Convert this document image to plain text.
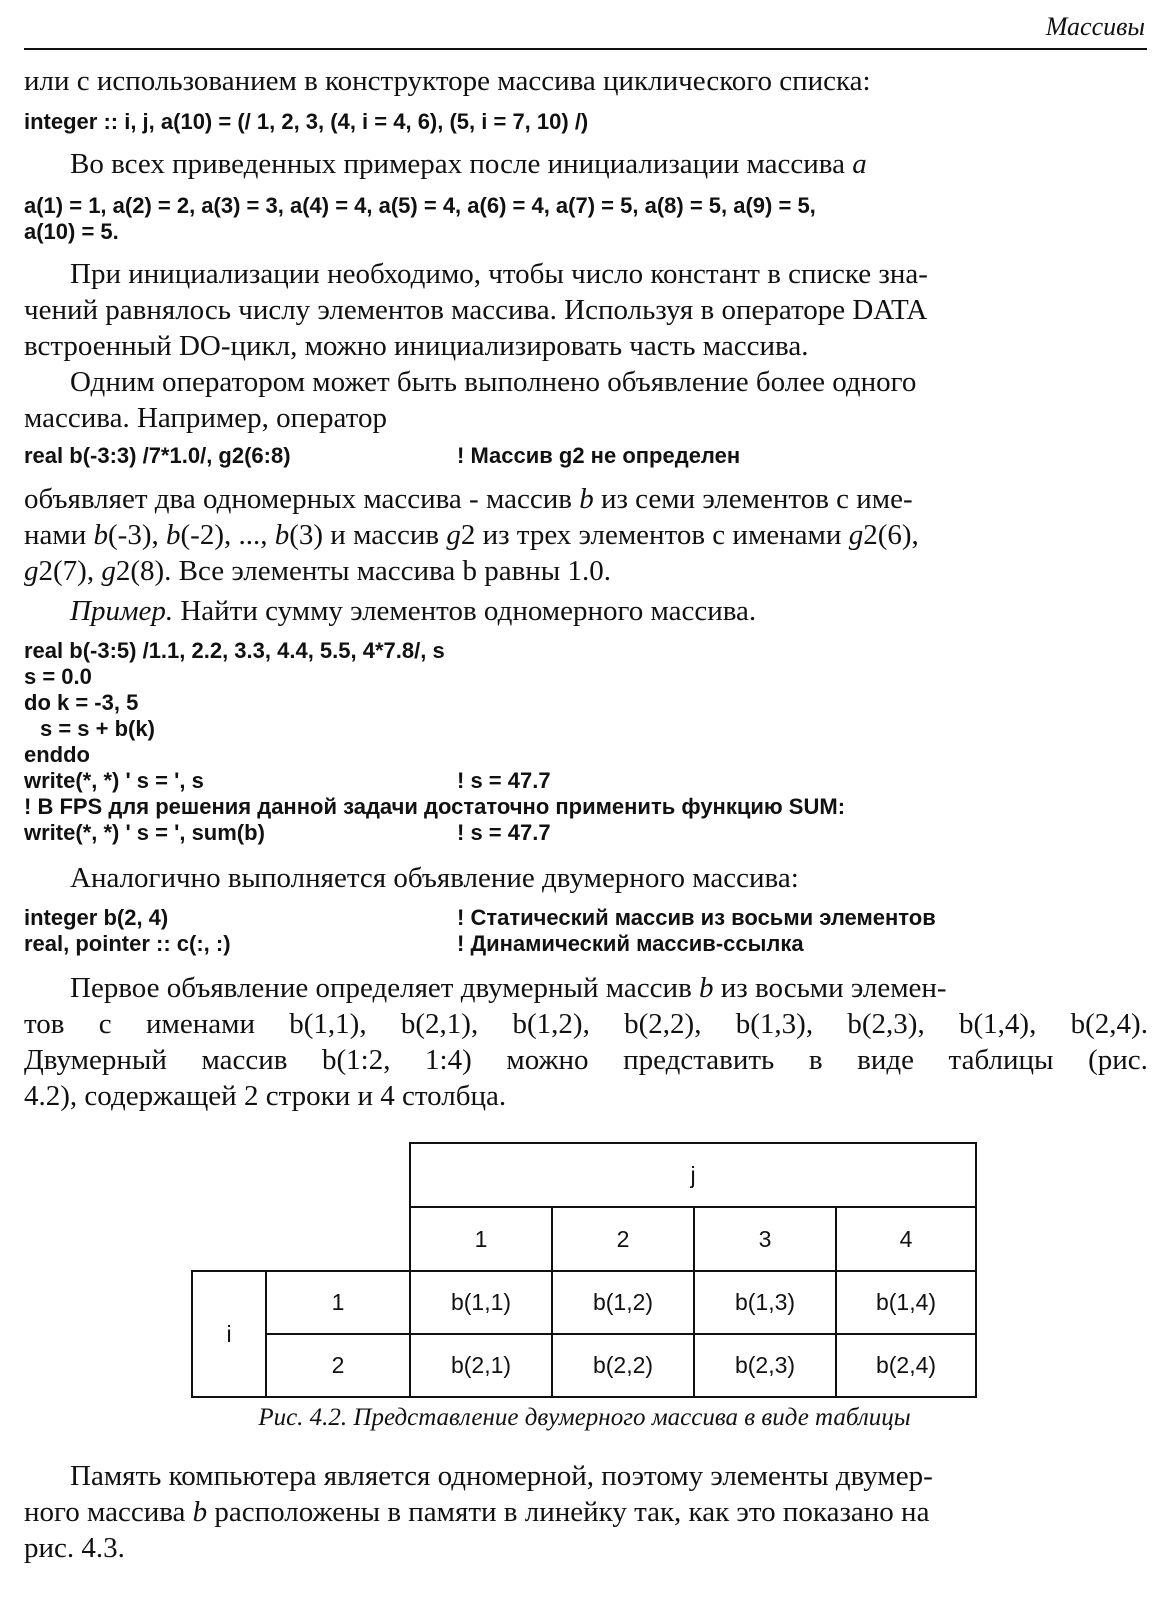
Массивы
или с использованием в конструкторе массива циклического списка:
integer :: i, j, a(10) = (/ 1, 2, 3, (4, i = 4, 6), (5, i = 7, 10) /)
Во всех приведенных примерах после инициализации массива a
a(1) = 1, a(2) = 2, a(3) = 3, a(4) = 4, a(5) = 4, a(6) = 4, a(7) = 5, a(8) = 5, a(9) = 5,
a(10) = 5.
При инициализации необходимо, чтобы число констант в списке зна-
чений равнялось числу элементов массива. Используя в операторе DATA
встроенный DO-цикл, можно инициализировать часть массива.
Одним оператором может быть выполнено объявление более одного
массива. Например, оператор
real b(-3:3) /7*1.0/, g2(6:8)	! Массив g2 не определен
объявляет два одномерных массива - массив b из семи элементов с име-
нами b(-3), b(-2), ..., b(3) и массив g2 из трех элементов с именами g2(6),
g2(7), g2(8). Все элементы массива b равны 1.0.
Пример. Найти сумму элементов одномерного массива.
real b(-3:5) /1.1, 2.2, 3.3, 4.4, 5.5, 4*7.8/, s
s = 0.0
do k = -3, 5
s = s + b(k)
enddo
write(*, *) ' s = ', s	! s = 47.7
! В FPS для решения данной задачи достаточно применить функцию SUM:
write(*, *) ' s = ', sum(b)	! s = 47.7
Аналогично выполняется объявление двумерного массива:
integer b(2, 4)	! Статический массив из восьми элементов
real, pointer :: c(:, :)	! Динамический массив-ссылка
Первое объявление определяет двумерный массив b из восьми элемен-
тов с именами b(1,1), b(2,1), b(1,2), b(2,2), b(1,3), b(2,3), b(1,4), b(2,4).
Двумерный массив b(1:2, 1:4) можно представить в виде таблицы (рис.
4.2), содержащей 2 строки и 4 столбца.
		j			
		1	2	3	4
i	1	b(1,1)	b(1,2)	b(1,3)	b(1,4)
	2	b(2,1)	b(2,2)	b(2,3)	b(2,4)
Рис. 4.2. Представление двумерного массива в виде таблицы
Память компьютера является одномерной, поэтому элементы двумер-
ного массива b расположены в памяти в линейку так, как это показано на
рис. 4.3.
